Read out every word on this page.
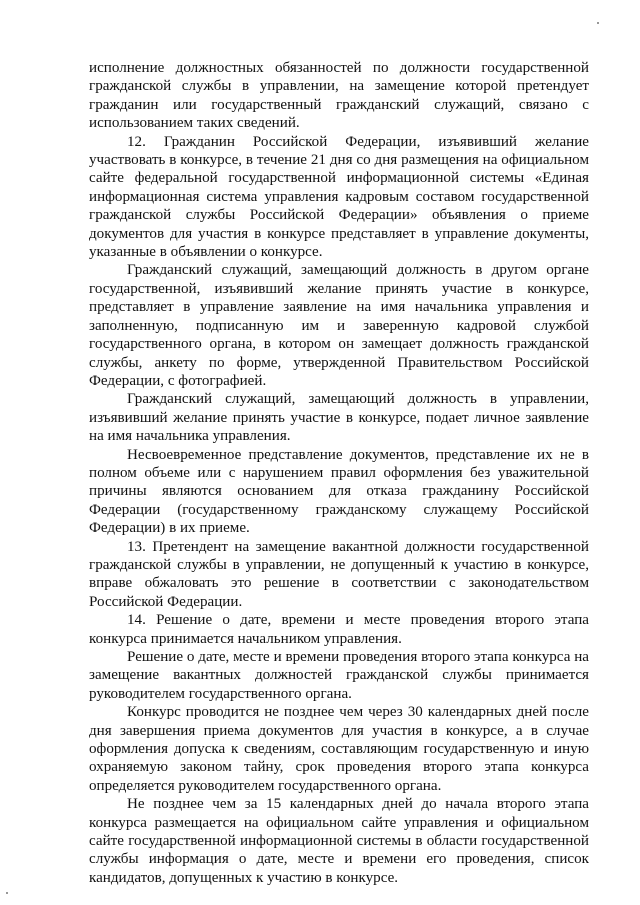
исполнение должностных обязанностей по должности государственной гражданской службы в управлении, на замещение которой претендует гражданин или государственный гражданский служащий, связано с использованием таких сведений.

12. Гражданин Российской Федерации, изъявивший желание участвовать в конкурсе, в течение 21 дня со дня размещения на официальном сайте федеральной государственной информационной системы «Единая информационная система управления кадровым составом государственной гражданской службы Российской Федерации» объявления о приеме документов для участия в конкурсе представляет в управление документы, указанные в объявлении о конкурсе.

Гражданский служащий, замещающий должность в другом органе государственной, изъявивший желание принять участие в конкурсе, представляет в управление заявление на имя начальника управления и заполненную, подписанную им и заверенную кадровой службой государственного органа, в котором он замещает должность гражданской службы, анкету по форме, утвержденной Правительством Российской Федерации, с фотографией.

Гражданский служащий, замещающий должность в управлении, изъявивший желание принять участие в конкурсе, подает личное заявление на имя начальника управления.

Несвоевременное представление документов, представление их не в полном объеме или с нарушением правил оформления без уважительной причины являются основанием для отказа гражданину Российской Федерации (государственному гражданскому служащему Российской Федерации) в их приеме.

13. Претендент на замещение вакантной должности государственной гражданской службы в управлении, не допущенный к участию в конкурсе, вправе обжаловать это решение в соответствии с законодательством Российской Федерации.

14. Решение о дате, времени и месте проведения второго этапа конкурса принимается начальником управления.

Решение о дате, месте и времени проведения второго этапа конкурса на замещение вакантных должностей гражданской службы принимается руководителем государственного органа.

Конкурс проводится не позднее чем через 30 календарных дней после дня завершения приема документов для участия в конкурсе, а в случае оформления допуска к сведениям, составляющим государственную и иную охраняемую законом тайну, срок проведения второго этапа конкурса определяется руководителем государственного органа.

Не позднее чем за 15 календарных дней до начала второго этапа конкурса размещается на официальном сайте управления и официальном сайте государственной информационной системы в области государственной службы информация о дате, месте и времени его проведения, список кандидатов, допущенных к участию в конкурсе.
